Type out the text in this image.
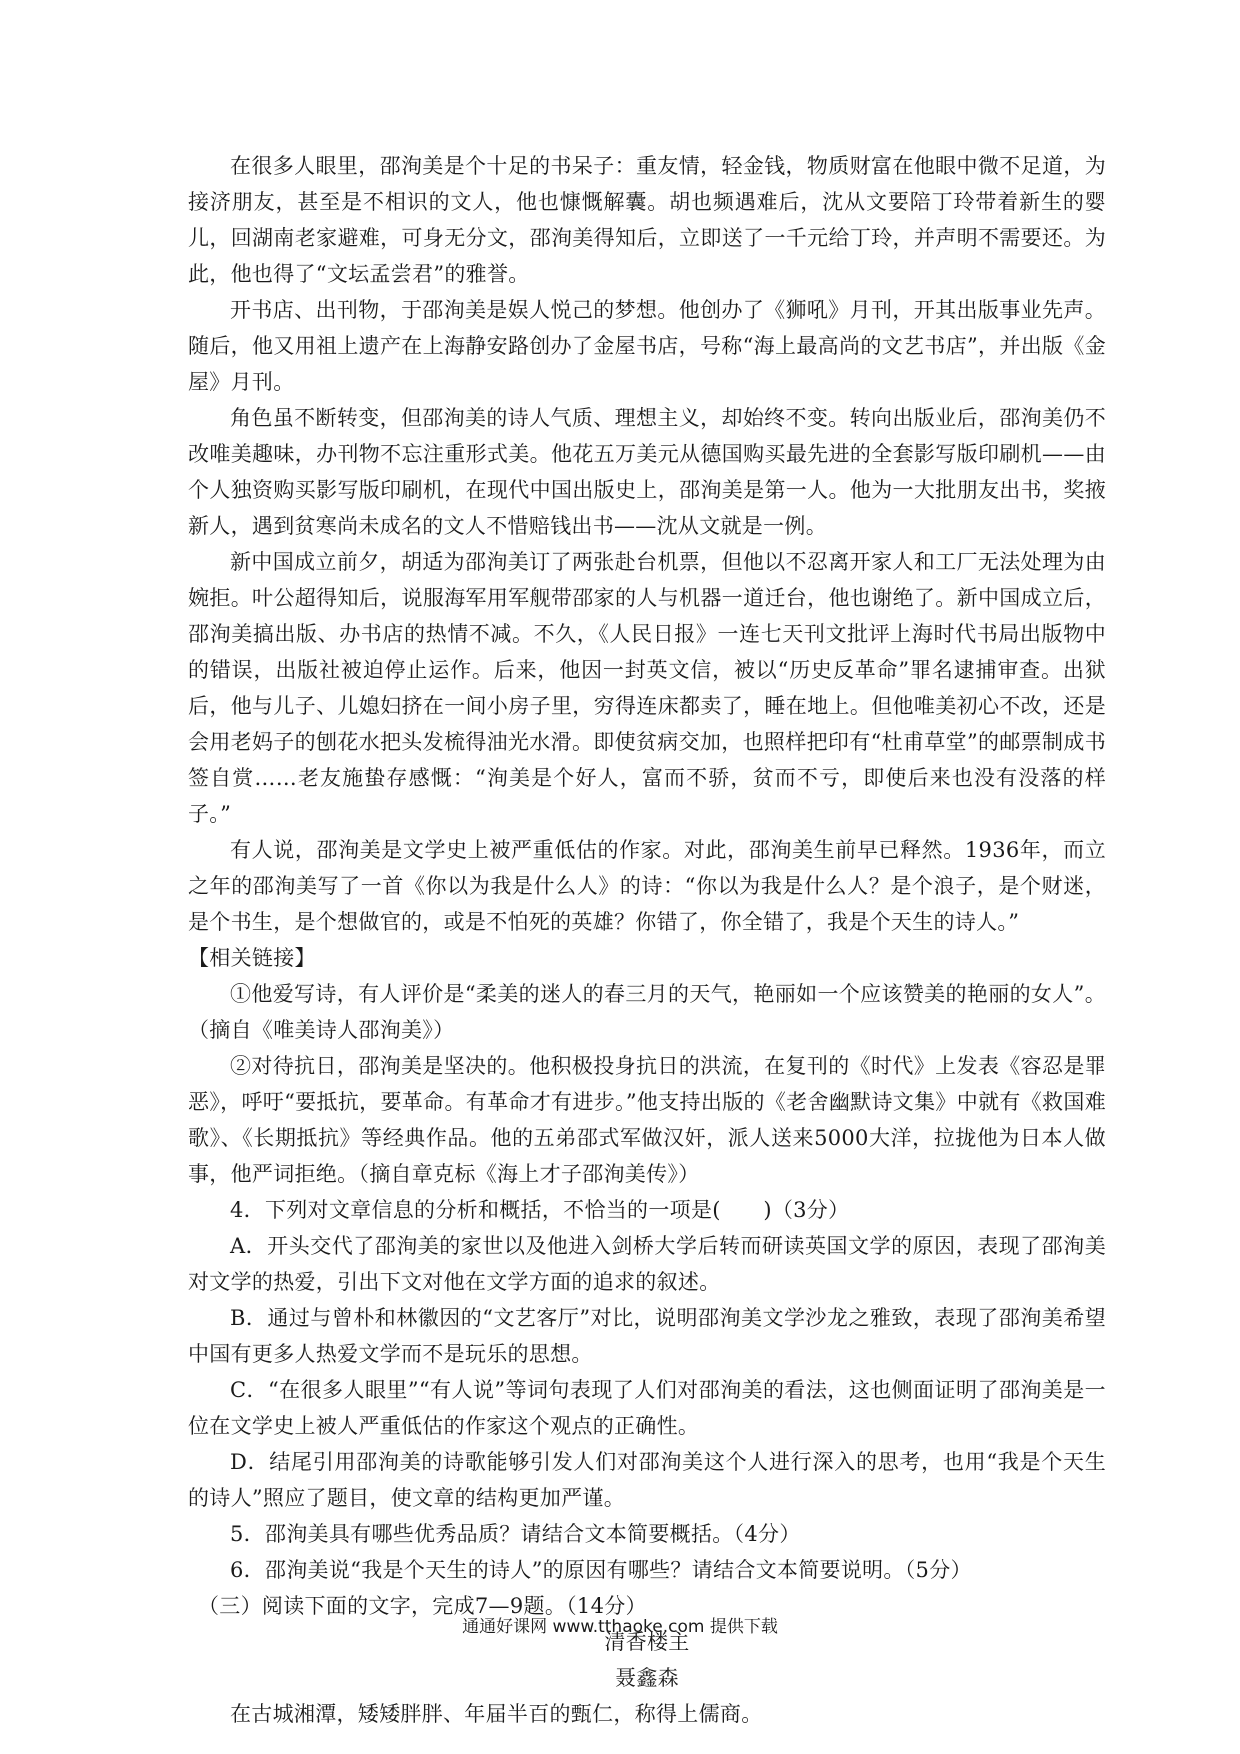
在很多人眼里，邵洵美是个十足的书呆子：重友情，轻金钱，物质财富在他眼中微不足道，为接济朋友，甚至是不相识的文人，他也慷慨解囊。胡也频遇难后，沈从文要陪丁玲带着新生的婴儿，回湖南老家避难，可身无分文，邵洵美得知后，立即送了一千元给丁玲，并声明不需要还。为此，他也得了“文坛孟尝君”的雅誉。

开书店、出刊物，于邵洵美是娱人悦己的梦想。他创办了《狮吼》月刊，开其出版事业先声。随后，他又用祖上遗产在上海静安路创办了金屋书店，号称“海上最高尚的文艺书店”，并出版《金屋》月刊。

角色虽不断转变，但邵洵美的诗人气质、理想主义，却始终不变。转向出版业后，邵洵美仍不改唯美趣味，办刊物不忘注重形式美。他花五万美元从德国购买最先进的全套影写版印刷机——由个人独资购买影写版印刷机，在现代中国出版史上，邵洵美是第一人。他为一大批朋友出书，奖掖新人，遇到贫寒尚未成名的文人不惜赔钱出书——沈从文就是一例。

新中国成立前夕，胡适为邵洵美订了两张赴台机票，但他以不忍离开家人和工厂无法处理为由婉拒。叶公超得知后，说服海军用军舰带邵家的人与机器一道迁台，他也谢绝了。新中国成立后，邵洵美搞出版、办书店的热情不减。不久，《人民日报》一连七天刊文批评上海时代书局出版物中的错误，出版社被迫停止运作。后来，他因一封英文信，被以“历史反革命”罪名逮捕审查。出狱后，他与儿子、儿媳妇挤在一间小房子里，穷得连床都卖了，睡在地上。但他唯美初心不改，还是会用老妈子的刨花水把头发梳得油光水滑。即使贫病交加，也照样把印有“杜甫草堂”的邮票制成书签自赏……老友施蛰存感慨：“洵美是个好人，富而不骄，贫而不亏，即使后来也没有没落的样子。”

有人说，邵洵美是文学史上被严重低估的作家。对此，邵洵美生前早已释然。1936年，而立之年的邵洵美写了一首《你以为我是什么人》的诗：“你以为我是什么人？是个浪子，是个财迷，是个书生，是个想做官的，或是不怕死的英雄？你错了，你全错了，我是个天生的诗人。”

【相关链接】

①他爱写诗，有人评价是“柔美的迷人的春三月的天气，艳丽如一个应该赞美的艳丽的女人”。（摘自《唯美诗人邵洵美》）

②对待抗日，邵洵美是坚决的。他积极投身抗日的洪流，在复刊的《时代》上发表《容忍是罪恶》，呼吁“要抵抗，要革命。有革命才有进步。”他支持出版的《老舍幽默诗文集》中就有《救国难歌》、《长期抵抗》等经典作品。他的五弟邵式军做汉奸，派人送来5000大洋，拉拢他为日本人做事，他严词拒绝。（摘自章克标《海上才子邵洵美传》）

4．下列对文章信息的分析和概括，不恰当的一项是(　　)（3分）

A．开头交代了邵洵美的家世以及他进入剑桥大学后转而研读英国文学的原因，表现了邵洵美对文学的热爱，引出下文对他在文学方面的追求的叙述。

B．通过与曾朴和林徽因的“文艺客厅”对比，说明邵洵美文学沙龙之雅致，表现了邵洵美希望中国有更多人热爱文学而不是玩乐的思想。

C．“在很多人眼里”“有人说”等词句表现了人们对邵洵美的看法，这也侧面证明了邵洵美是一位在文学史上被人严重低估的作家这个观点的正确性。

D．结尾引用邵洵美的诗歌能够引发人们对邵洵美这个人进行深入的思考，也用“我是个天生的诗人”照应了题目，使文章的结构更加严谨。

5．邵洵美具有哪些优秀品质？请结合文本简要概括。（4分）

6．邵洵美说“我是个天生的诗人”的原因有哪些？请结合文本简要说明。（5分）

（三）阅读下面的文字，完成7—9题。（14分）

清香楼主

聂鑫森

在古城湘潭，矮矮胖胖、年届半百的甄仁，称得上儒商。

通通好课网 www.tthaoke.com 提供下载
